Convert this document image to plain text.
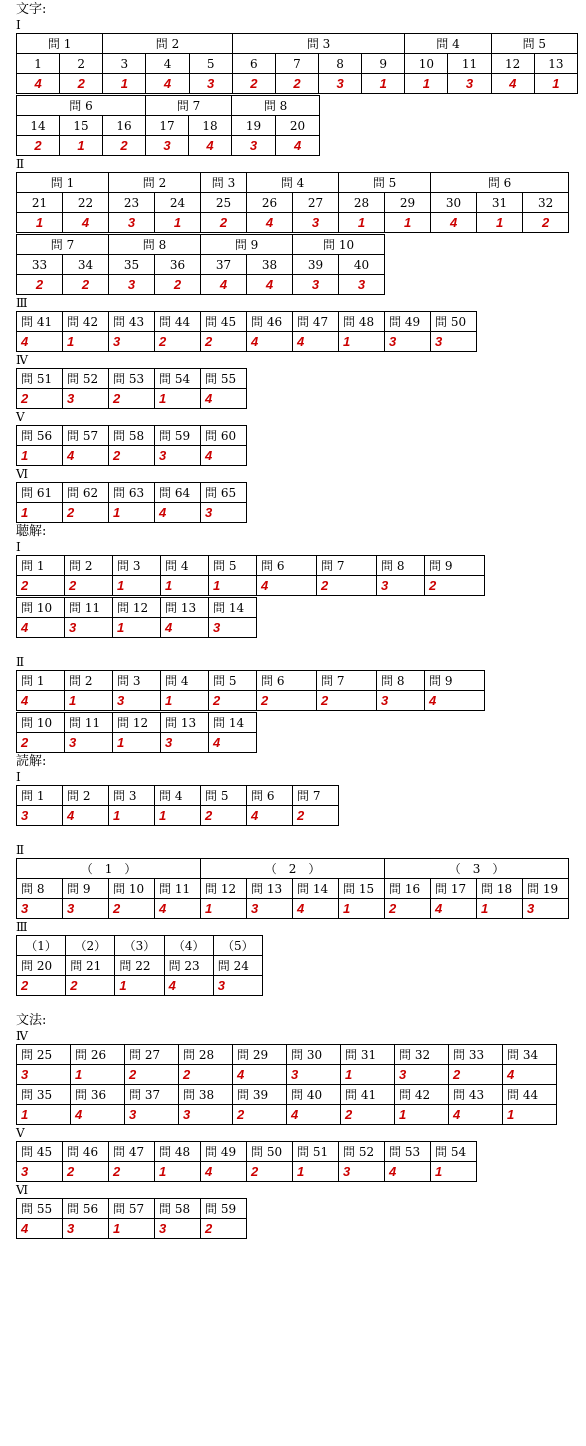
文字:
I
問 1		問 2			問 3				問 4		問 5	
1	2	3	4	5	6	7	8	9	10	11	12	13
4	2	1	4	3	2	2	3	1	1	3	4	1
問 6			問 7		問 8	
14	15	16	17	18	19	20
2	1	2	3	4	3	4
Ⅱ
問 1		問 2		問 3	問 4		問 5		問 6		
21	22	23	24	25	26	27	28	29	30	31	32
1	4	3	1	2	4	3	1	1	4	1	2
問 7		問 8		問 9		問 10	
33	34	35	36	37	38	39	40
2	2	3	2	4	4	3	3
Ⅲ
問 41	問 42	問 43	問 44	問 45	問 46	問 47	問 48	問 49	問 50
4	1	3	2	2	4	4	1	3	3
Ⅳ
問 51	問 52	問 53	問 54	問 55
2	3	2	1	4
Ⅴ
問 56	問 57	問 58	問 59	問 60
1	4	2	3	4
Ⅵ
問 61	問 62	問 63	問 64	問 65
1	2	1	4	3
聴解:
I
問 1	問 2	問 3	問 4	問 5	問 6	問 7	問 8	問 9
2	2	1	1	1	4	2	3	2
問 10	問 11	問 12	問 13	問 14
4	3	1	4	3
Ⅱ
問 1	問 2	問 3	問 4	問 5	問 6	問 7	問 8	問 9
4	1	3	1	2	2	2	3	4
問 10	問 11	問 12	問 13	問 14
2	3	1	3	4
読解:
I
問 1	問 2	問 3	問 4	問 5	問 6	問 7
3	4	1	1	2	4	2
Ⅱ
（　1　）				（　2　）				（　3　）			
問 8	問 9	問 10	問 11	問 12	問 13	問 14	問 15	問 16	問 17	問 18	問 19
3	3	2	4	1	3	4	1	2	4	1	3
Ⅲ
（1）	（2）	（3）	（4）	（5）
問 20	問 21	問 22	問 23	問 24
2	2	1	4	3
文法:
Ⅳ
問 25	問 26	問 27	問 28	問 29	問 30	問 31	問 32	問 33	問 34
3	1	2	2	4	3	1	3	2	4
問 35	問 36	問 37	問 38	問 39	問 40	問 41	問 42	問 43	問 44
1	4	3	3	2	4	2	1	4	1
Ⅴ
問 45	問 46	問 47	問 48	問 49	問 50	問 51	問 52	問 53	問 54
3	2	2	1	4	2	1	3	4	1
Ⅵ
問 55	問 56	問 57	問 58	問 59
4	3	1	3	2
